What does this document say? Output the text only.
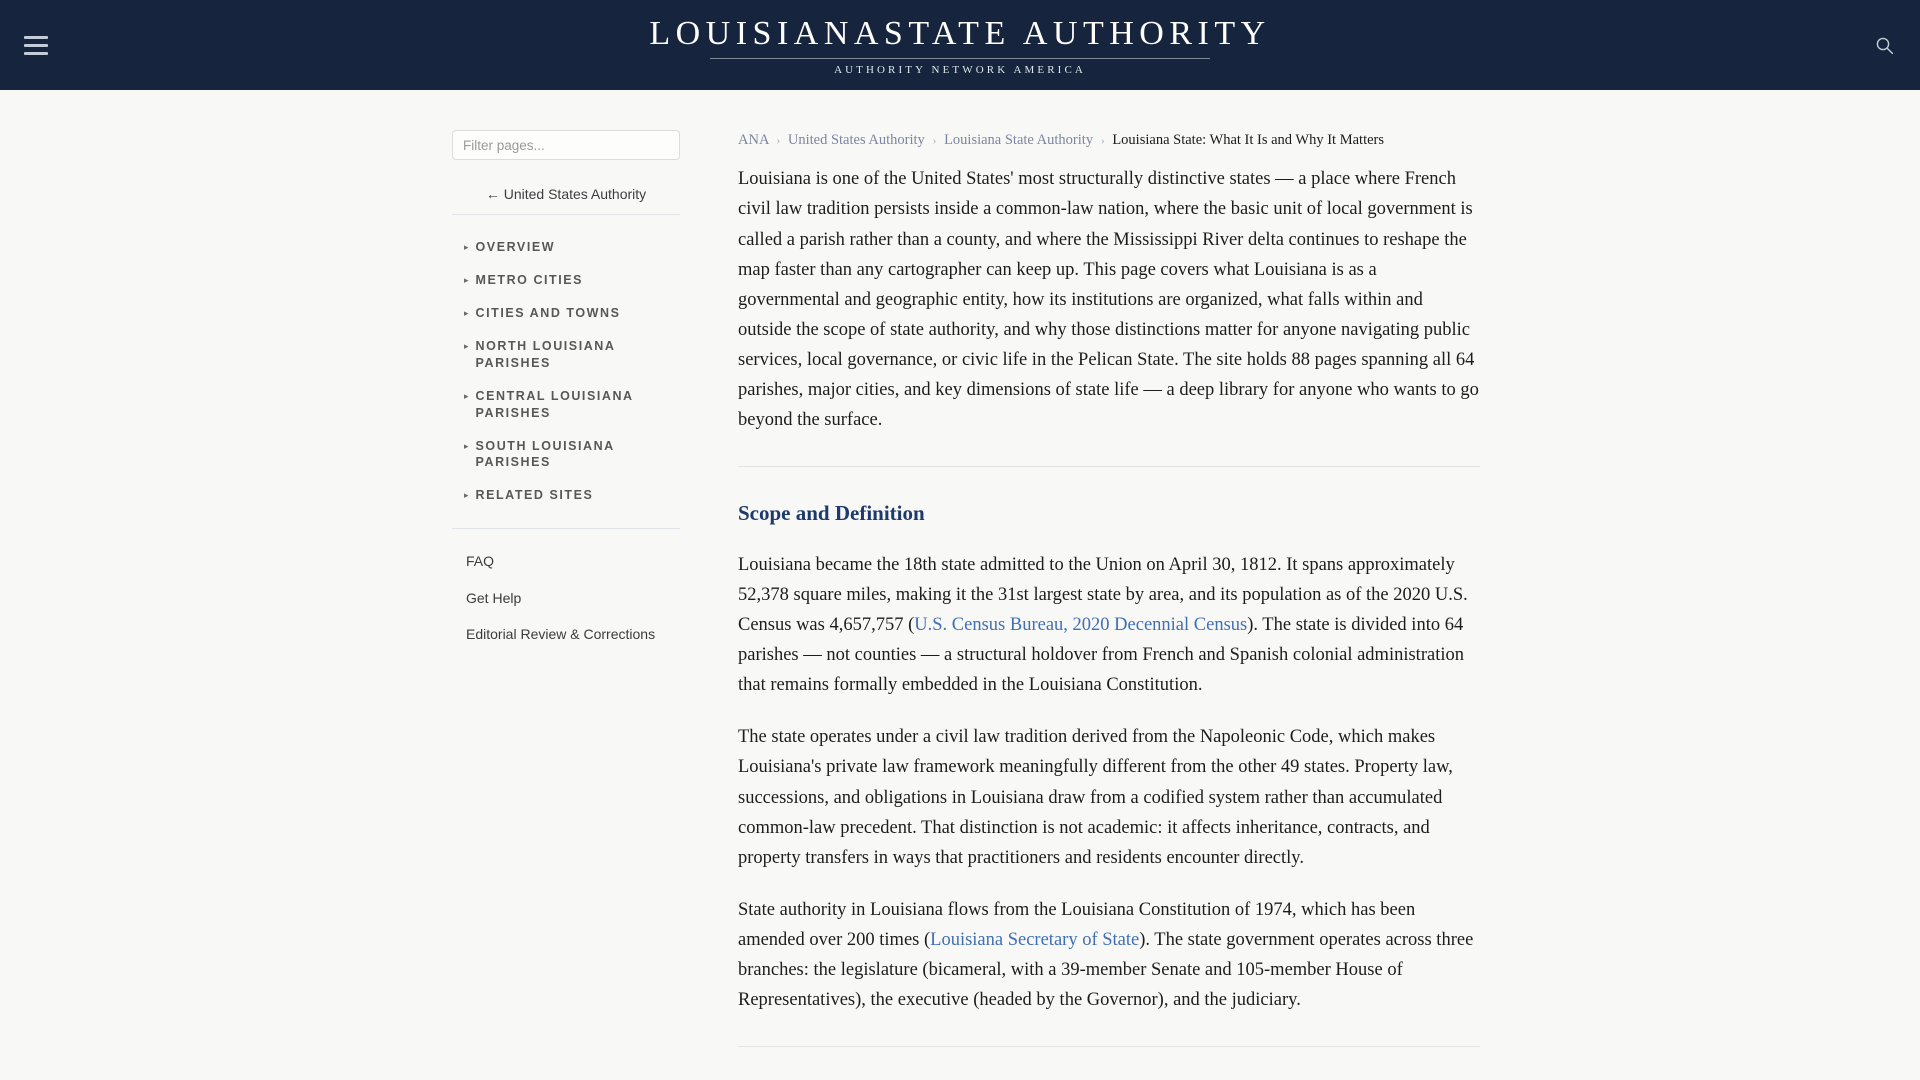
LOUISIANASTATE AUTHORITY
AUTHORITY NETWORK AMERICA
Filter pages...
← United States Authority
▸ OVERVIEW
▸ METRO CITIES
▸ CITIES AND TOWNS
▸ NORTH LOUISIANA PARISHES
▸ CENTRAL LOUISIANA PARISHES
▸ SOUTH LOUISIANA PARISHES
▸ RELATED SITES
FAQ
Get Help
Editorial Review & Corrections
ANA › United States Authority › Louisiana State Authority › Louisiana State: What It Is and Why It Matters

Louisiana is one of the United States' most structurally distinctive states — a place where French civil law tradition persists inside a common-law nation, where the basic unit of local government is called a parish rather than a county, and where the Mississippi River delta continues to reshape the map faster than any cartographer can keep up. This page covers what Louisiana is as a governmental and geographic entity, how its institutions are organized, what falls within and outside the scope of state authority, and why those distinctions matter for anyone navigating public services, local governance, or civic life in the Pelican State. The site holds 88 pages spanning all 64 parishes, major cities, and key dimensions of state life — a deep library for anyone who wants to go beyond the surface.

Scope and Definition

Louisiana became the 18th state admitted to the Union on April 30, 1812. It spans approximately 52,378 square miles, making it the 31st largest state by area, and its population as of the 2020 U.S. Census was 4,657,757 (U.S. Census Bureau, 2020 Decennial Census). The state is divided into 64 parishes — not counties — a structural holdover from French and Spanish colonial administration that remains formally embedded in the Louisiana Constitution.

The state operates under a civil law tradition derived from the Napoleonic Code, which makes Louisiana's private law framework meaningfully different from the other 49 states. Property law, successions, and obligations in Louisiana draw from a codified system rather than accumulated common-law precedent. That distinction is not academic: it affects inheritance, contracts, and property transfers in ways that practitioners and residents encounter directly.

State authority in Louisiana flows from the Louisiana Constitution of 1974, which has been amended over 200 times (Louisiana Secretary of State). The state government operates across three branches: the legislature (bicameral, with a 39-member Senate and 105-member House of Representatives), the executive (headed by the Governor), and the judiciary.
